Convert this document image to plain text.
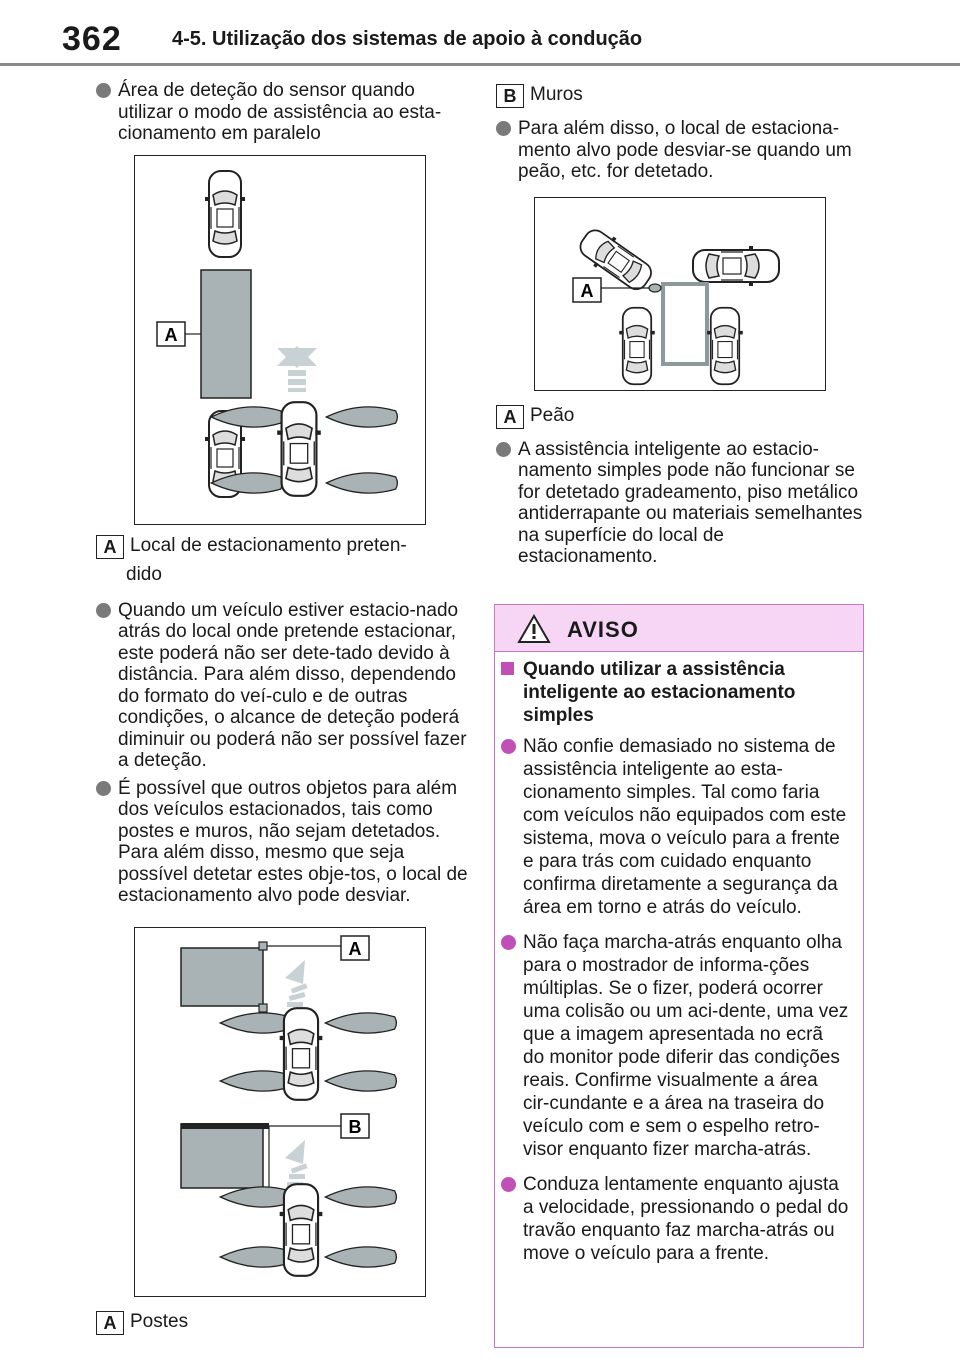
362	4-5. Utilização dos sistemas de apoio à condução
Área de deteção do sensor quando utilizar o modo de assistência ao esta-cionamento em paralelo
A
A Local de estacionamento preten-
dido
Quando um veículo estiver estacio-nado atrás do local onde pretende estacionar, este poderá não ser dete-tado devido à distância. Para além disso, dependendo do formato do veí-culo e de outras condições, o alcance de deteção poderá diminuir ou poderá não ser possível fazer a deteção.
É possível que outros objetos para além dos veículos estacionados, tais como postes e muros, não sejam detetados. Para além disso, mesmo que seja possível detetar estes obje-tos, o local de estacionamento alvo pode desviar.
A
B
A Postes
B Muros
Para além disso, o local de estaciona-mento alvo pode desviar-se quando um peão, etc. for detetado.
A
A Peão
A assistência inteligente ao estacio-namento simples pode não funcionar se for detetado gradeamento, piso metálico antiderrapante ou materiais semelhantes na superfície do local de estacionamento.
AVISO
Quando utilizar a assistência inteligente ao estacionamento simples
Não confie demasiado no sistema de assistência inteligente ao esta-cionamento simples. Tal como faria com veículos não equipados com este sistema, mova o veículo para a frente e para trás com cuidado enquanto confirma diretamente a segurança da área em torno e atrás do veículo.
Não faça marcha-atrás enquanto olha para o mostrador de informa-ções múltiplas. Se o fizer, poderá ocorrer uma colisão ou um aci-dente, uma vez que a imagem apresentada no ecrã do monitor pode diferir das condições reais. Confirme visualmente a área cir-cundante e a área na traseira do veículo com e sem o espelho retro-visor enquanto fizer marcha-atrás.
Conduza lentamente enquanto ajusta a velocidade, pressionando o pedal do travão enquanto faz marcha-atrás ou move o veículo para a frente.
